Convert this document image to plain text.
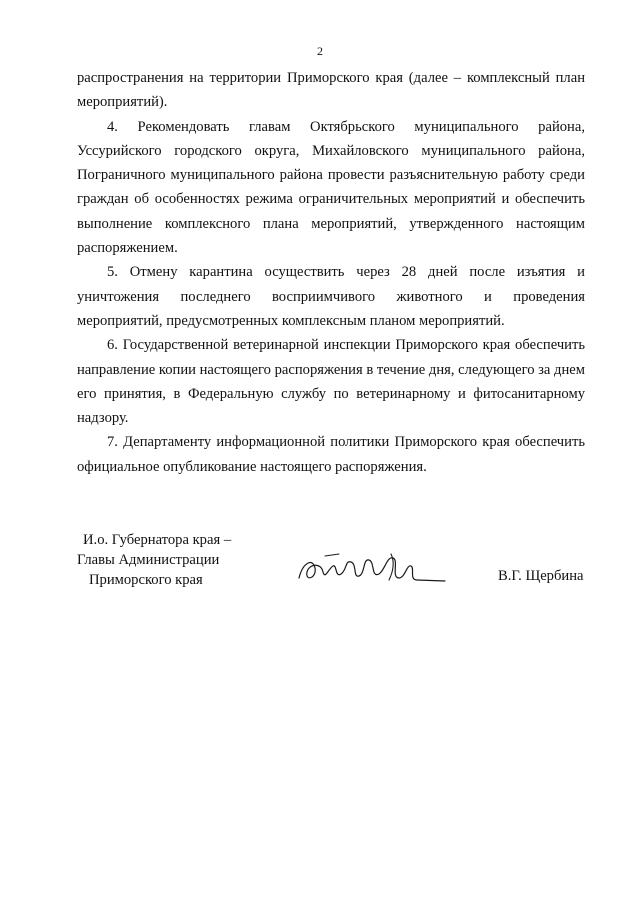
2

распространения на территории Приморского края (далее – комплексный план мероприятий).

4. Рекомендовать главам Октябрьского муниципального района, Уссурийского городского округа, Михайловского муниципального района, Пограничного муниципального района провести разъяснительную работу среди граждан об особенностях режима ограничительных мероприятий и обеспечить выполнение комплексного плана мероприятий, утвержденного настоящим распоряжением.

5. Отмену карантина осуществить через 28 дней после изъятия и уничтожения последнего восприимчивого животного и проведения мероприятий, предусмотренных комплексным планом мероприятий.

6. Государственной ветеринарной инспекции Приморского края обеспечить направление копии настоящего распоряжения в течение дня, следующего за днем его принятия, в Федеральную службу по ветеринарному и фитосанитарному надзору.

7. Департаменту информационной политики Приморского края обеспечить официальное опубликование настоящего распоряжения.

И.о. Губернатора края –
Главы Администрации
Приморского края	В.Г. Щербина
